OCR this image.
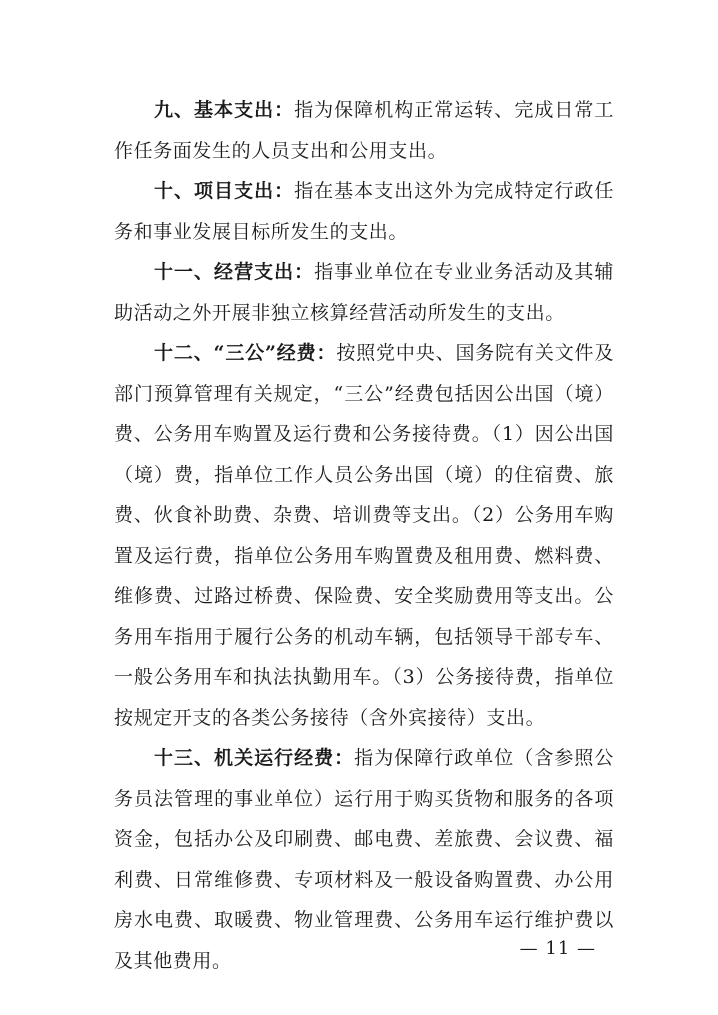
九、基本支出：指为保障机构正常运转、完成日常工作任务面发生的人员支出和公用支出。

十、项目支出：指在基本支出这外为完成特定行政任务和事业发展目标所发生的支出。

十一、经营支出：指事业单位在专业业务活动及其辅助活动之外开展非独立核算经营活动所发生的支出。

十二、“三公”经费：按照党中央、国务院有关文件及部门预算管理有关规定，“三公”经费包括因公出国（境）费、公务用车购置及运行费和公务接待费。（1）因公出国（境）费，指单位工作人员公务出国（境）的住宿费、旅费、伙食补助费、杂费、培训费等支出。（2）公务用车购置及运行费，指单位公务用车购置费及租用费、燃料费、维修费、过路过桥费、保险费、安全奖励费用等支出。公务用车指用于履行公务的机动车辆，包括领导干部专车、一般公务用车和执法执勤用车。（3）公务接待费，指单位按规定开支的各类公务接待（含外宾接待）支出。

十三、机关运行经费：指为保障行政单位（含参照公务员法管理的事业单位）运行用于购买货物和服务的各项资金，包括办公及印刷费、邮电费、差旅费、会议费、福利费、日常维修费、专项材料及一般设备购置费、办公用房水电费、取暖费、物业管理费、公务用车运行维护费以及其他费用。

— 11 —
